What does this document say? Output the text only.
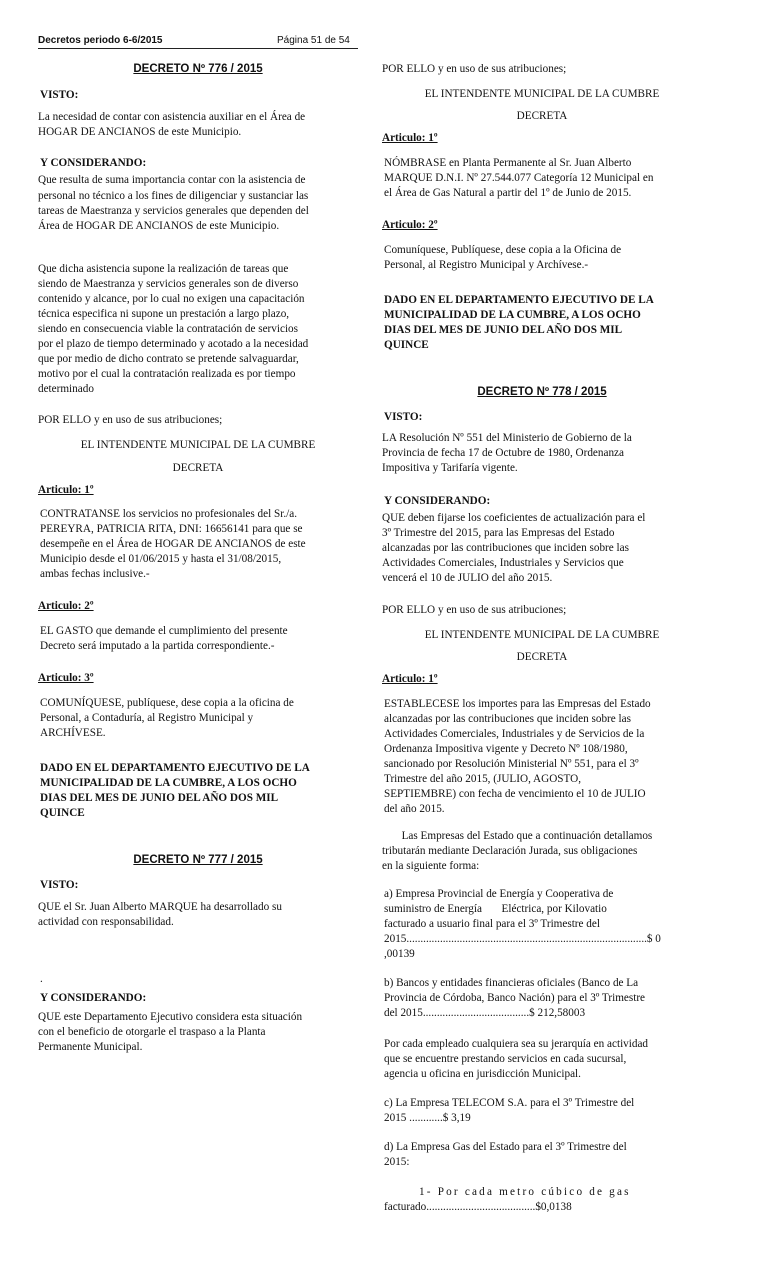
Decretos periodo 6-6/2015	Página 51 de 54
DECRETO Nº 776 / 2015
VISTO:
La necesidad de contar con asistencia auxiliar en el Área de
HOGAR DE ANCIANOS de este Municipio.
Y CONSIDERANDO:
Que resulta de suma importancia contar con la asistencia de
personal no técnico a los fines de diligenciar y sustanciar las
tareas de Maestranza y servicios generales que dependen del
Área de HOGAR DE ANCIANOS de este Municipio.
Que dicha asistencia supone la realización de tareas que
siendo de Maestranza y servicios generales son de diverso
contenido y alcance, por lo cual no exigen una capacitación
técnica especifica ni supone un prestación a largo plazo,
siendo en consecuencia viable la contratación de servicios
por el plazo de tiempo determinado y acotado a la necesidad
que por medio de dicho contrato se pretende salvaguardar,
motivo por el cual la contratación realizada es por tiempo
determinado
POR ELLO y en uso de sus atribuciones;
EL INTENDENTE MUNICIPAL DE LA CUMBRE
DECRETA
Articulo: 1º
CONTRATANSE los servicios no profesionales del Sr./a.
PEREYRA, PATRICIA RITA, DNI: 16656141 para que se
desempeñe en el Área de HOGAR DE ANCIANOS de este
Municipio desde el 01/06/2015 y hasta el 31/08/2015,
ambas fechas inclusive.-
Articulo: 2º
EL GASTO que demande el cumplimiento del presente
Decreto será imputado a la partida correspondiente.-
Articulo: 3º
COMUNÍQUESE, publíquese, dese copia a la oficina de
Personal, a Contaduría, al Registro Municipal y
ARCHÍVESE.
DADO EN EL DEPARTAMENTO EJECUTIVO DE LA
MUNICIPALIDAD DE LA CUMBRE, A LOS OCHO
DIAS DEL MES DE JUNIO DEL AÑO DOS MIL
QUINCE
DECRETO Nº 777 / 2015
VISTO:
QUE el Sr. Juan Alberto MARQUE ha desarrollado su
actividad con responsabilidad.
.
Y CONSIDERANDO:
QUE este Departamento Ejecutivo considera esta situación
con el beneficio de otorgarle el traspaso a la Planta
Permanente Municipal.
POR ELLO y en uso de sus atribuciones;
EL INTENDENTE MUNICIPAL DE LA CUMBRE
DECRETA
Articulo: 1º
NÓMBRASE en Planta Permanente al Sr. Juan Alberto
MARQUE D.N.I. Nº 27.544.077 Categoría 12 Municipal en
el Área de Gas Natural a partir del 1º de Junio de 2015.
Articulo: 2º
Comuníquese, Publíquese, dese copia a la Oficina de
Personal, al Registro Municipal y Archívese.-
DADO EN EL DEPARTAMENTO EJECUTIVO DE LA
MUNICIPALIDAD DE LA CUMBRE, A LOS OCHO
DIAS DEL MES DE JUNIO DEL AÑO DOS MIL
QUINCE
DECRETO Nº 778 / 2015
VISTO:
LA Resolución Nº 551 del Ministerio de Gobierno de la
Provincia de fecha 17 de Octubre de 1980, Ordenanza
Impositiva y Tarifaría vigente.
Y CONSIDERANDO:
QUE deben fijarse los coeficientes de actualización para el
3º Trimestre del 2015, para las Empresas del Estado
alcanzadas por las contribuciones que inciden sobre las
Actividades Comerciales, Industriales y Servicios que
vencerá el 10 de JULIO del año 2015.
POR ELLO y en uso de sus atribuciones;
EL INTENDENTE MUNICIPAL DE LA CUMBRE
DECRETA
Articulo: 1º
ESTABLECESE los importes para las Empresas del Estado
alcanzadas por las contribuciones que inciden sobre las
Actividades Comerciales, Industriales y de Servicios de la
Ordenanza Impositiva vigente y Decreto Nº 108/1980,
sancionado por Resolución Ministerial Nº 551, para el 3º
Trimestre del año 2015, (JULIO, AGOSTO,
SEPTIEMBRE) con fecha de vencimiento el 10 de JULIO
del año 2015.
Las Empresas del Estado que a continuación detallamos
tributarán mediante Declaración Jurada, sus obligaciones
en la siguiente forma:
a) Empresa Provincial de Energía y Cooperativa de
suministro de Energía       Eléctrica, por Kilovatio
facturado a usuario final para el 3º Trimestre del
2015......................................................................................$ 0
,00139
b) Bancos y entidades financieras oficiales (Banco de La
Provincia de Córdoba, Banco Nación) para el 3º Trimestre
del 2015......................................$ 212,58003
Por cada empleado cualquiera sea su jerarquía en actividad
que se encuentre prestando servicios en cada sucursal,
agencia u oficina en jurisdicción Municipal.
c) La Empresa TELECOM S.A. para el 3º Trimestre del
2015 ............$ 3,19
d) La Empresa Gas del Estado para el 3º Trimestre del
2015:
1- Por cada metro cúbico de gas
facturado.......................................$0,0138
